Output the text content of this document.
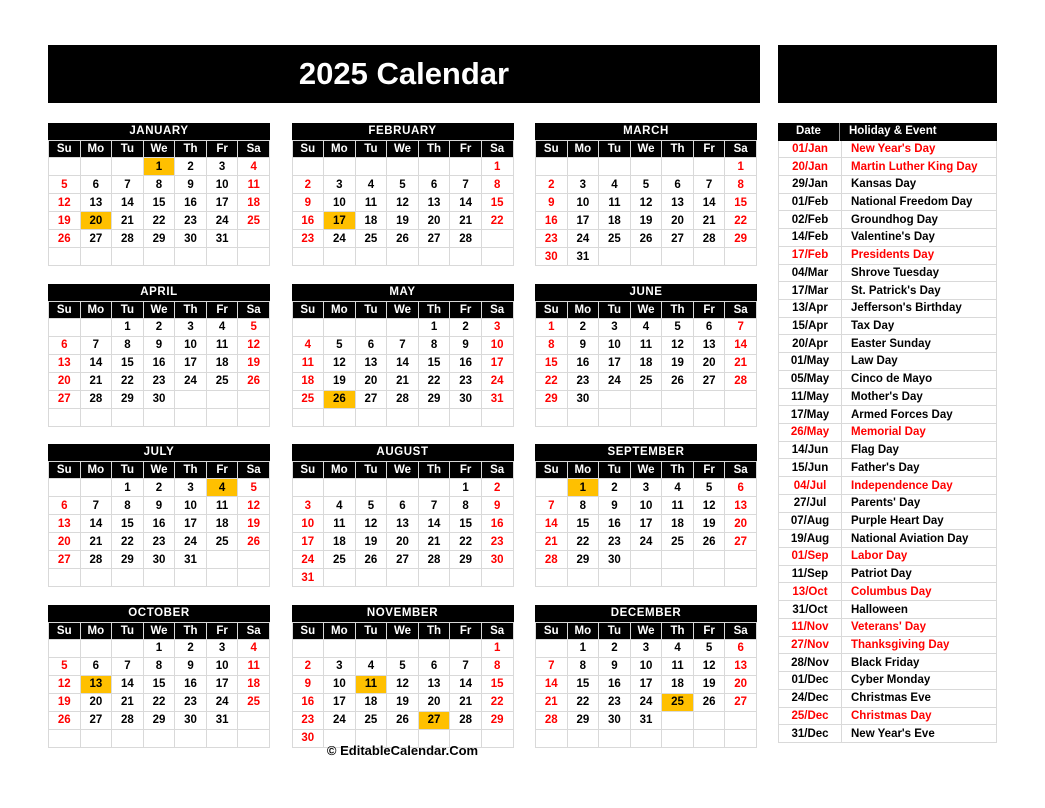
2025 Calendar
JANUARY
Su	Mo	Tu	We	Th	Fr	Sa
			1	2	3	4
5	6	7	8	9	10	11
12	13	14	15	16	17	18
19	20	21	22	23	24	25
26	27	28	29	30	31	

FEBRUARY
Su	Mo	Tu	We	Th	Fr	Sa
						1
2	3	4	5	6	7	8
9	10	11	12	13	14	15
16	17	18	19	20	21	22
23	24	25	26	27	28	

MARCH
Su	Mo	Tu	We	Th	Fr	Sa
						1
2	3	4	5	6	7	8
9	10	11	12	13	14	15
16	17	18	19	20	21	22
23	24	25	26	27	28	29
30	31					
APRIL
Su	Mo	Tu	We	Th	Fr	Sa
		1	2	3	4	5
6	7	8	9	10	11	12
13	14	15	16	17	18	19
20	21	22	23	24	25	26
27	28	29	30			

MAY
Su	Mo	Tu	We	Th	Fr	Sa
				1	2	3
4	5	6	7	8	9	10
11	12	13	14	15	16	17
18	19	20	21	22	23	24
25	26	27	28	29	30	31

JUNE
Su	Mo	Tu	We	Th	Fr	Sa
1	2	3	4	5	6	7
8	9	10	11	12	13	14
15	16	17	18	19	20	21
22	23	24	25	26	27	28
29	30					

JULY
Su	Mo	Tu	We	Th	Fr	Sa
		1	2	3	4	5
6	7	8	9	10	11	12
13	14	15	16	17	18	19
20	21	22	23	24	25	26
27	28	29	30	31		

AUGUST
Su	Mo	Tu	We	Th	Fr	Sa
					1	2
3	4	5	6	7	8	9
10	11	12	13	14	15	16
17	18	19	20	21	22	23
24	25	26	27	28	29	30
31						
SEPTEMBER
Su	Mo	Tu	We	Th	Fr	Sa
	1	2	3	4	5	6
7	8	9	10	11	12	13
14	15	16	17	18	19	20
21	22	23	24	25	26	27
28	29	30				

OCTOBER
Su	Mo	Tu	We	Th	Fr	Sa
			1	2	3	4
5	6	7	8	9	10	11
12	13	14	15	16	17	18
19	20	21	22	23	24	25
26	27	28	29	30	31	

NOVEMBER
Su	Mo	Tu	We	Th	Fr	Sa
						1
2	3	4	5	6	7	8
9	10	11	12	13	14	15
16	17	18	19	20	21	22
23	24	25	26	27	28	29
30						
DECEMBER
Su	Mo	Tu	We	Th	Fr	Sa
	1	2	3	4	5	6
7	8	9	10	11	12	13
14	15	16	17	18	19	20
21	22	23	24	25	26	27
28	29	30	31			

Date	Holiday & Event
01/Jan	New Year's Day
20/Jan	Martin Luther King Day
29/Jan	Kansas Day
01/Feb	National Freedom Day
02/Feb	Groundhog Day
14/Feb	Valentine's Day
17/Feb	Presidents Day
04/Mar	Shrove Tuesday
17/Mar	St. Patrick's Day
13/Apr	Jefferson's Birthday
15/Apr	Tax Day
20/Apr	Easter Sunday
01/May	Law Day
05/May	Cinco de Mayo
11/May	Mother's Day
17/May	Armed Forces Day
26/May	Memorial Day
14/Jun	Flag Day
15/Jun	Father's Day
04/Jul	Independence Day
27/Jul	Parents' Day
07/Aug	Purple Heart Day
19/Aug	National Aviation Day
01/Sep	Labor Day
11/Sep	Patriot Day
13/Oct	Columbus Day
31/Oct	Halloween
11/Nov	Veterans' Day
27/Nov	Thanksgiving Day
28/Nov	Black Friday
01/Dec	Cyber Monday
24/Dec	Christmas Eve
25/Dec	Christmas Day
31/Dec	New Year's Eve
© EditableCalendar.Com
